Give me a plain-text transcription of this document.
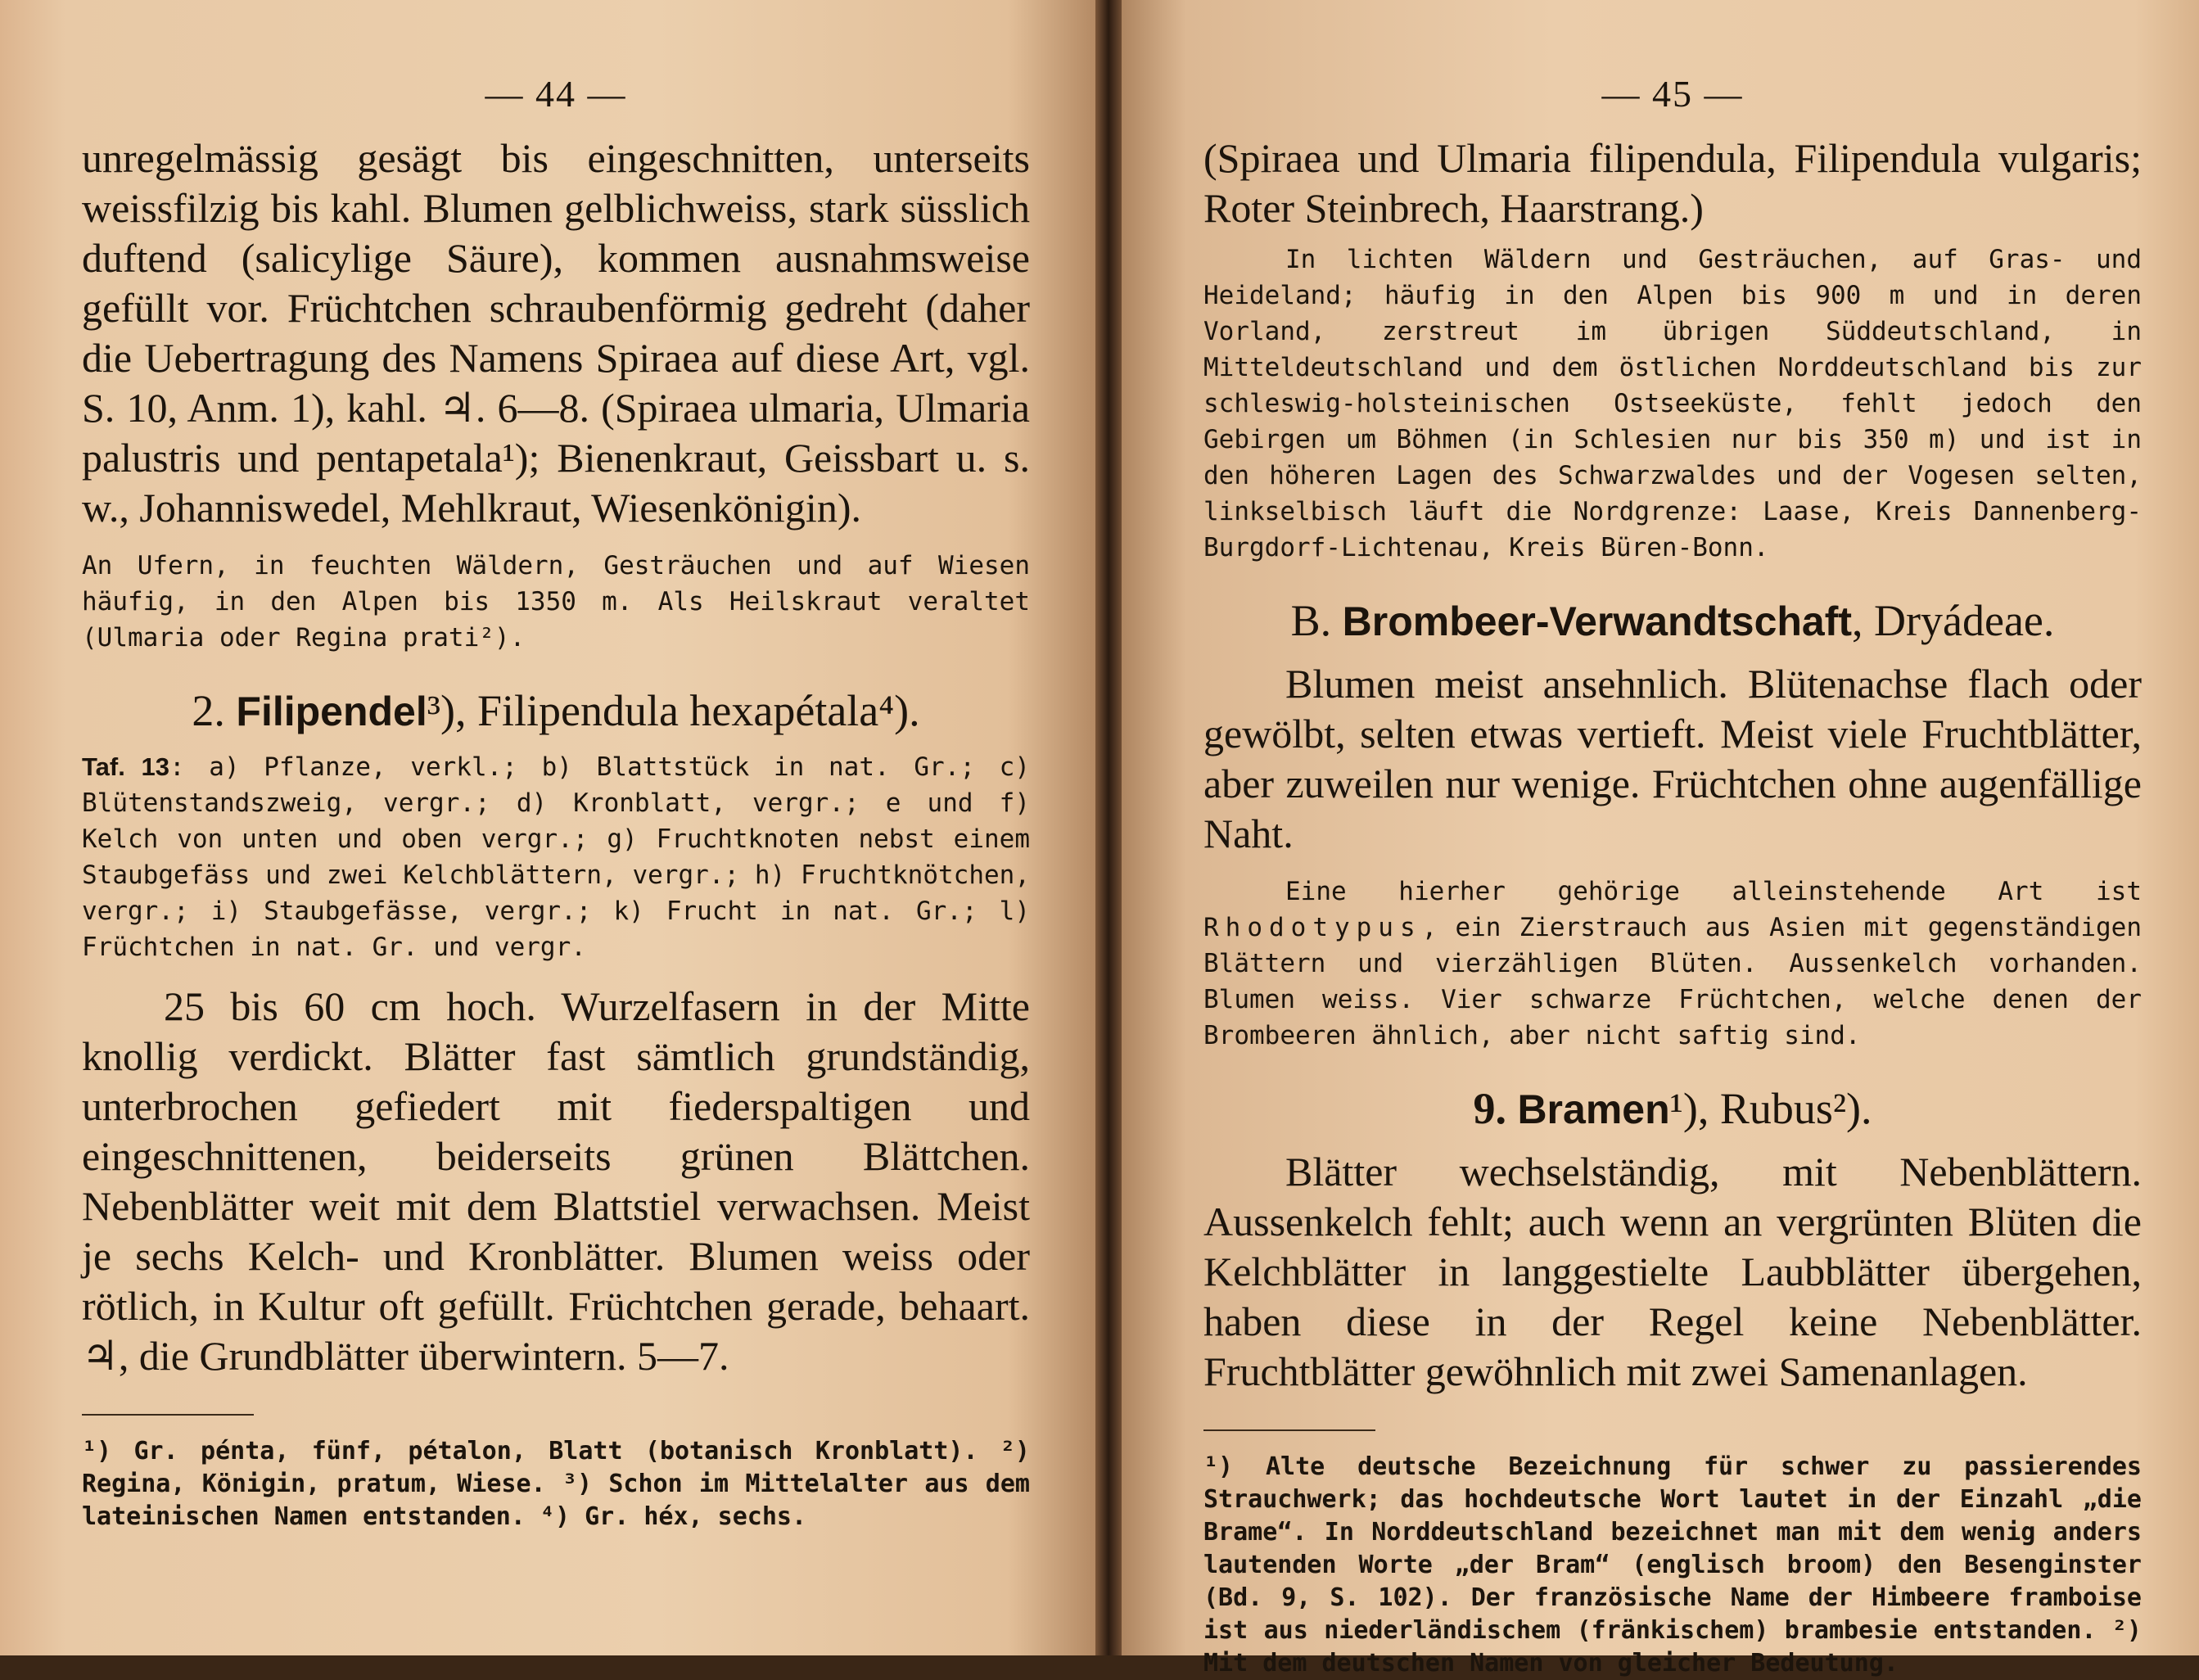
— 44 —

unregelmässig gesägt bis eingeschnitten, unterseits weissfilzig bis kahl. Blumen gelblichweiss, stark süsslich duftend (salicylige Säure), kommen ausnahmsweise gefüllt vor. Früchtchen schraubenförmig gedreht (daher die Uebertragung des Namens Spiraea auf diese Art, vgl. S. 10, Anm. 1), kahl. ♃. 6—8. (Spiraea ulmaria, Ulmaria palustris und pentapetala¹); Bienenkraut, Geissbart u. s. w., Johanniswedel, Mehlkraut, Wiesenkönigin).

An Ufern, in feuchten Wäldern, Gesträuchen und auf Wiesen häufig, in den Alpen bis 1350 m. Als Heilskraut veraltet (Ulmaria oder Regina prati²).

2. Filipendel³), Filipendula hexapétala⁴).

Taf. 13: a) Pflanze, verkl.; b) Blattstück in nat. Gr.; c) Blütenstandszweig, vergr.; d) Kronblatt, vergr.; e und f) Kelch von unten und oben vergr.; g) Fruchtknoten nebst einem Staubgefäss und zwei Kelchblättern, vergr.; h) Fruchtknötchen, vergr.; i) Staubgefässe, vergr.; k) Frucht in nat. Gr.; l) Früchtchen in nat. Gr. und vergr.

25 bis 60 cm hoch. Wurzelfasern in der Mitte knollig verdickt. Blätter fast sämtlich grundständig, unterbrochen gefiedert mit fiederspaltigen und eingeschnittenen, beiderseits grünen Blättchen. Nebenblätter weit mit dem Blattstiel verwachsen. Meist je sechs Kelch- und Kronblätter. Blumen weiss oder rötlich, in Kultur oft gefüllt. Früchtchen gerade, behaart. ♃, die Grundblätter überwintern. 5—7.

¹) Gr. pénta, fünf, pétalon, Blatt (botanisch Kronblatt). ²) Regina, Königin, pratum, Wiese. ³) Schon im Mittelalter aus dem lateinischen Namen entstanden. ⁴) Gr. héx, sechs.

— 45 —

(Spiraea und Ulmaria filipendula, Filipendula vulgaris; Roter Steinbrech, Haarstrang.)

In lichten Wäldern und Gesträuchen, auf Gras- und Heideland; häufig in den Alpen bis 900 m und in deren Vorland, zerstreut im übrigen Süddeutschland, in Mitteldeutschland und dem östlichen Norddeutschland bis zur schleswig-holsteinischen Ostseeküste, fehlt jedoch den Gebirgen um Böhmen (in Schlesien nur bis 350 m) und ist in den höheren Lagen des Schwarzwaldes und der Vogesen selten, linkselbisch läuft die Nordgrenze: Laase, Kreis Dannenberg-Burgdorf-Lichtenau, Kreis Büren-Bonn.

B. Brombeer-Verwandtschaft, Dryádeae.

Blumen meist ansehnlich. Blütenachse flach oder gewölbt, selten etwas vertieft. Meist viele Fruchtblätter, aber zuweilen nur wenige. Früchtchen ohne augenfällige Naht.

Eine hierher gehörige alleinstehende Art ist Rhodotypus, ein Zierstrauch aus Asien mit gegenständigen Blättern und vierzähligen Blüten. Aussenkelch vorhanden. Blumen weiss. Vier schwarze Früchtchen, welche denen der Brombeeren ähnlich, aber nicht saftig sind.

9. Bramen¹), Rubus²).

Blätter wechselständig, mit Nebenblättern. Aussenkelch fehlt; auch wenn an vergrünten Blüten die Kelchblätter in langgestielte Laubblätter übergehen, haben diese in der Regel keine Nebenblätter. Fruchtblätter gewöhnlich mit zwei Samenanlagen.

¹) Alte deutsche Bezeichnung für schwer zu passierendes Strauchwerk; das hochdeutsche Wort lautet in der Einzahl „die Brame“. In Norddeutschland bezeichnet man mit dem wenig anders lautenden Worte „der Bram“ (englisch broom) den Besenginster (Bd. 9, S. 102). Der französische Name der Himbeere framboise ist aus niederländischem (fränkischem) brambesie entstanden. ²) Mit dem deutschen Namen von gleicher Bedeutung.
